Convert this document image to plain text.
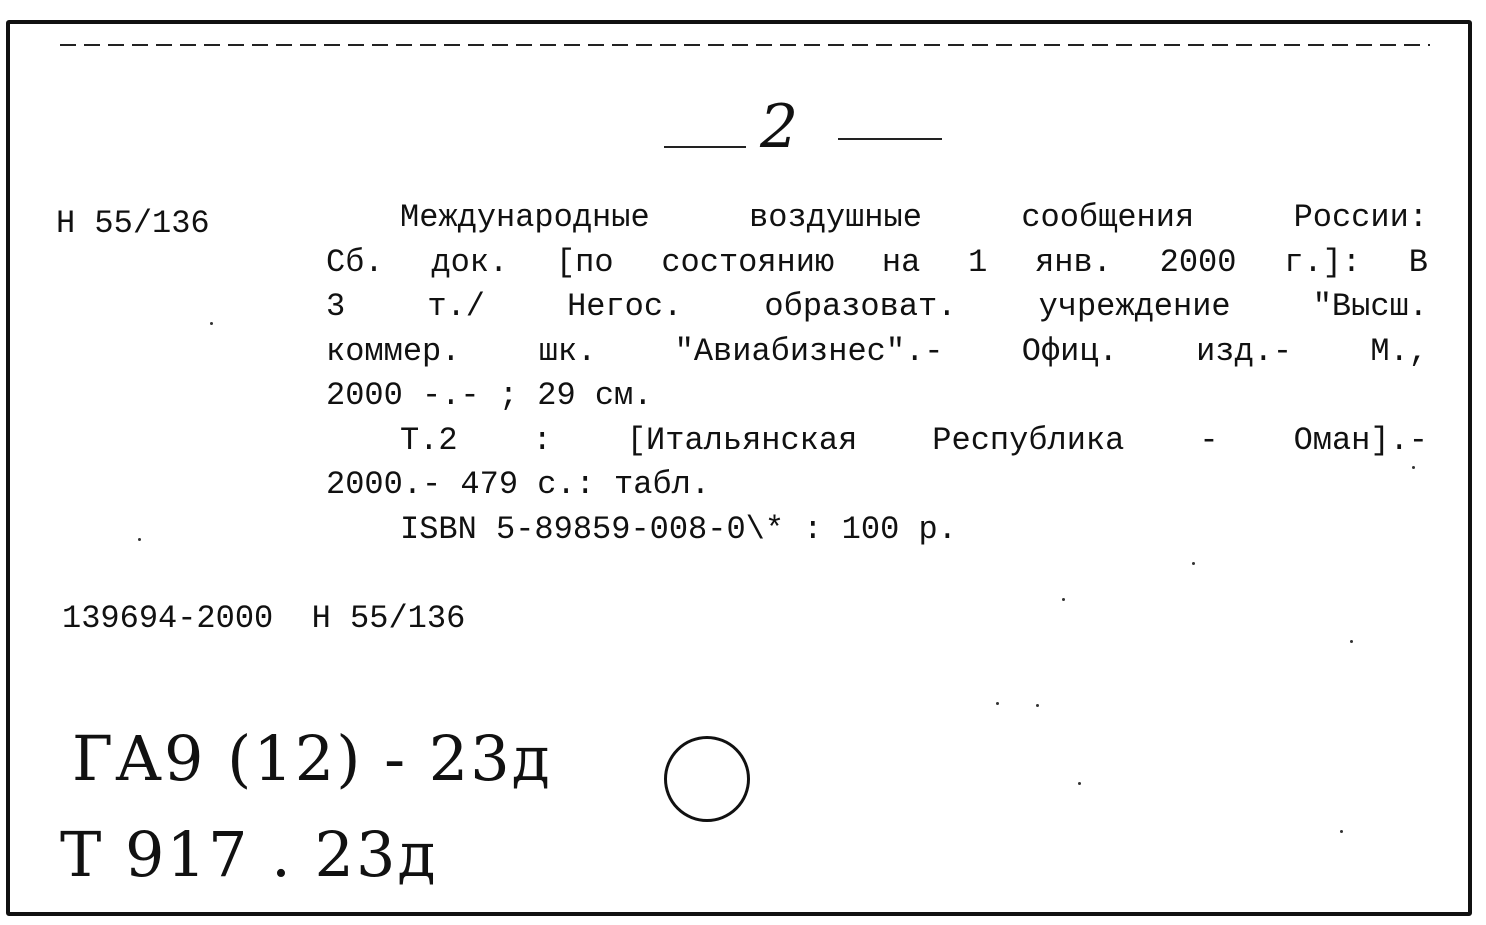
2
Н 55/136	Международные	воздушные	сообщения	России:
Сб. док. [по состоянию на 1 янв. 2000 г.]: В
3	т./	Негос.	образоват.	учреждение	"Высш.
коммер. шк. "Авиабизнес".- Офиц. изд.- М.,
2000 -.- ; 29 см.
Т.2 : [Итальянская Республика - Оман].-
2000.- 479 с.: табл.
ISBN 5-89859-008-0\* : 100 р.
139694-2000  Н 55/136
ГА9 (12) - 23д
Т 917 . 23д
